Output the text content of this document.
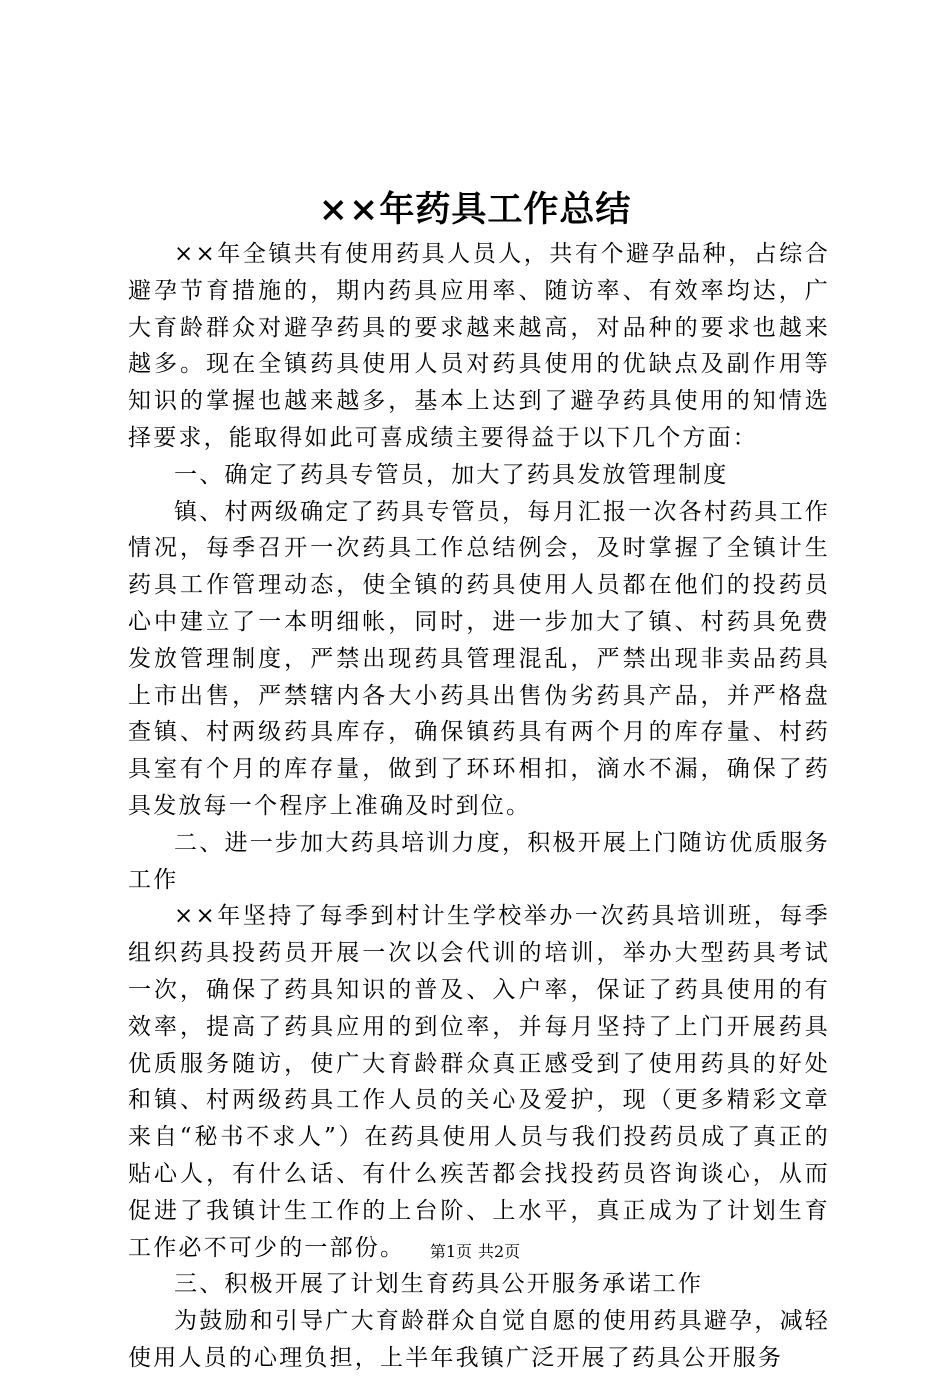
××年药具工作总结

××年全镇共有使用药具人员人，共有个避孕品种，占综合避孕节育措施的，期内药具应用率、随访率、有效率均达，广大育龄群众对避孕药具的要求越来越高，对品种的要求也越来越多。现在全镇药具使用人员对药具使用的优缺点及副作用等知识的掌握也越来越多，基本上达到了避孕药具使用的知情选择要求，能取得如此可喜成绩主要得益于以下几个方面：

一、确定了药具专管员，加大了药具发放管理制度

镇、村两级确定了药具专管员，每月汇报一次各村药具工作情况，每季召开一次药具工作总结例会，及时掌握了全镇计生药具工作管理动态，使全镇的药具使用人员都在他们的投药员心中建立了一本明细帐，同时，进一步加大了镇、村药具免费发放管理制度，严禁出现药具管理混乱，严禁出现非卖品药具上市出售，严禁辖内各大小药具出售伪劣药具产品，并严格盘查镇、村两级药具库存，确保镇药具有两个月的库存量、村药具室有个月的库存量，做到了环环相扣，滴水不漏，确保了药具发放每一个程序上准确及时到位。

二、进一步加大药具培训力度，积极开展上门随访优质服务工作

××年坚持了每季到村计生学校举办一次药具培训班，每季组织药具投药员开展一次以会代训的培训，举办大型药具考试一次，确保了药具知识的普及、入户率，保证了药具使用的有效率，提高了药具应用的到位率，并每月坚持了上门开展药具优质服务随访，使广大育龄群众真正感受到了使用药具的好处和镇、村两级药具工作人员的关心及爱护，现（更多精彩文章来自“秘书不求人”）在药具使用人员与我们投药员成了真正的贴心人，有什么话、有什么疾苦都会找投药员咨询谈心，从而促进了我镇计生工作的上台阶、上水平，真正成为了计划生育工作必不可少的一部份。

三、积极开展了计划生育药具公开服务承诺工作

为鼓励和引导广大育龄群众自觉自愿的使用药具避孕，减轻使用人员的心理负担，上半年我镇广泛开展了药具公开服务

第1页 共2页
